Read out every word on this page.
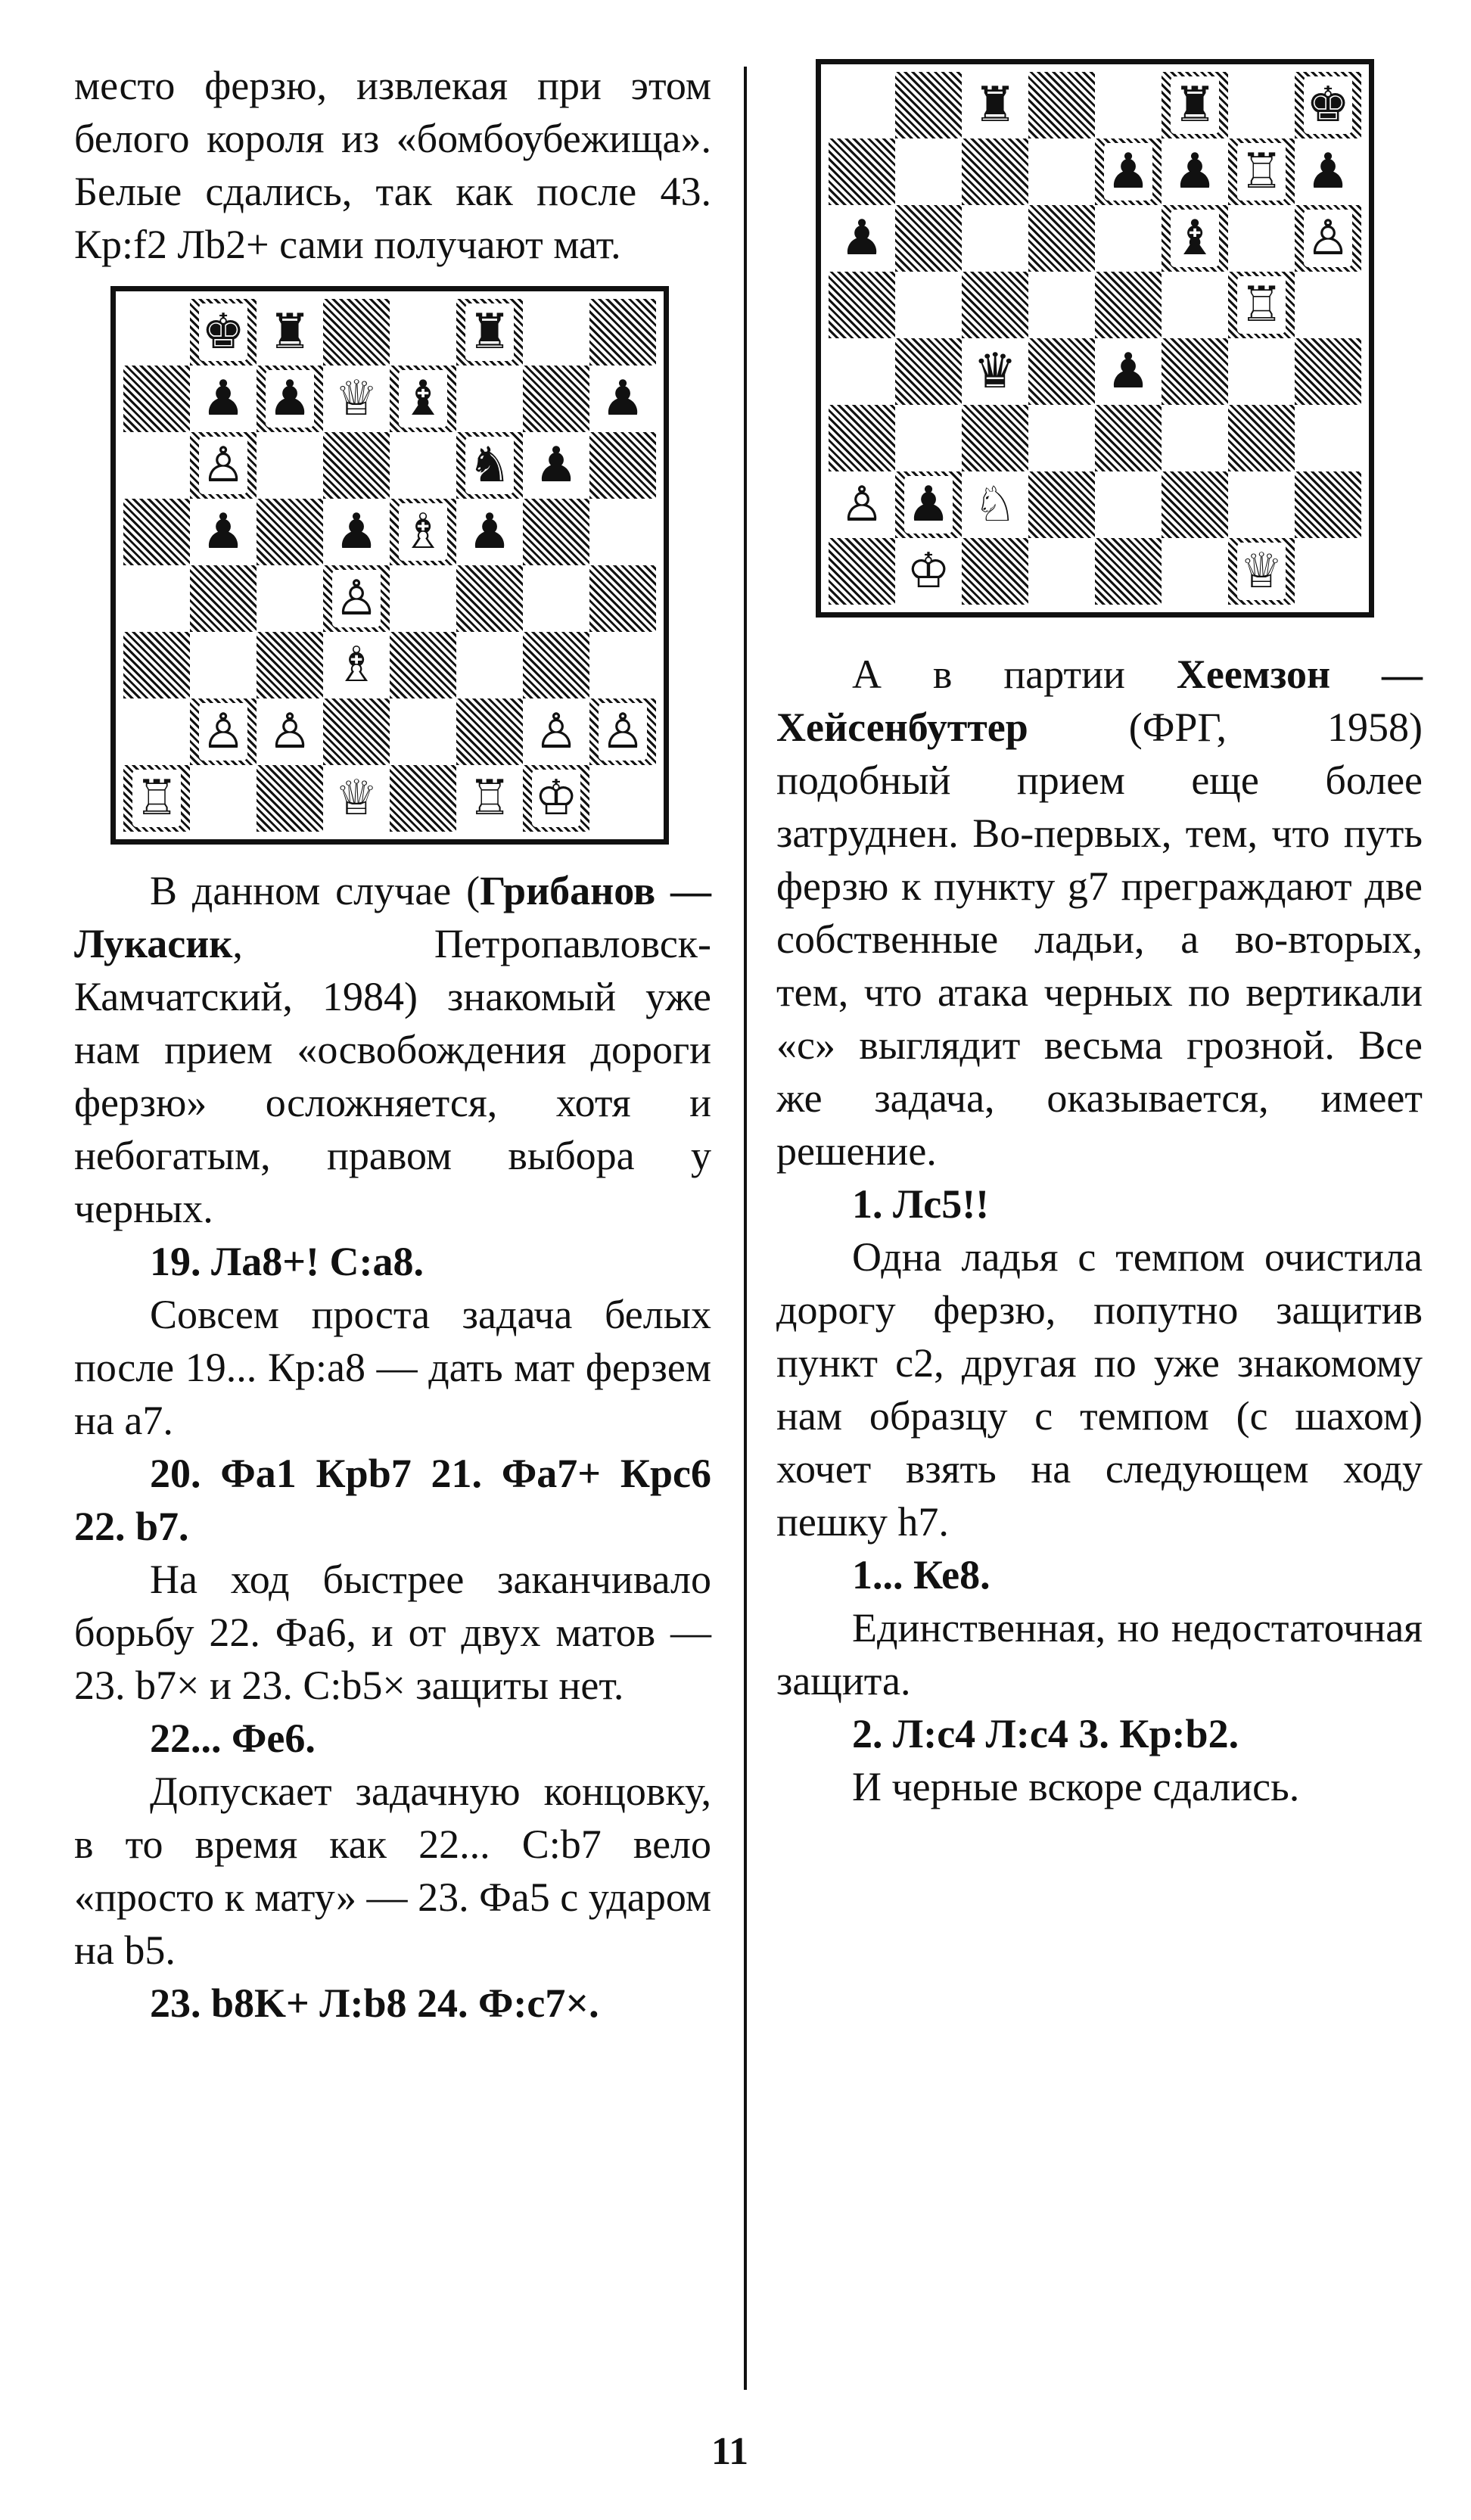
место ферзю, извлекая при этом белого короля из «бомбоубежища». Белые сдались, так как после 43. Кр:f2 Лb2+ сами получают мат.

♚ ♜	♜
♟ ♟ ♕ ♝	♟
♙	♞ ♟
♟ ♟ ♗ ♟
♙
♗
♙ ♙	♙ ♙
♖	♕ ♖ ♔

В данном случае (Грибанов — Лукасик, Петропавловск-Камчатский, 1984) знакомый уже нам прием «освобождения дороги ферзю» осложняется, хотя и небогатым, правом выбора у черных.

19. Ла8+! С:а8.

Совсем проста задача белых после 19... Кр:а8 — дать мат ферзем на а7.

20. Фа1 Кpb7 21. Фа7+ Крс6 22. b7.

На ход быстрее заканчивало борьбу 22. Фа6, и от двух матов — 23. b7× и 23. С:b5× защиты нет.

22... Фе6.

Допускает задачную концовку, в то время как 22... С:b7 вело «просто к мату» — 23. Фа5 с ударом на b5.

23. b8K+ Л:b8 24. Ф:с7×.

♜	♜ ♚
♟ ♟ ♖ ♟
♟	♝ ♙
♖
♛ ♟
♙ ♟ ♘
♔	♕

А в партии Хеемзон — Хейсенбуттер (ФРГ, 1958) подобный прием еще более затруднен. Во-первых, тем, что путь ферзю к пункту g7 преграждают две собственные ладьи, а во-вторых, тем, что атака черных по вертикали «с» выглядит весьма грозной. Все же задача, оказывается, имеет решение.

1. Лс5!!

Одна ладья с темпом очистила дорогу ферзю, попутно защитив пункт с2, другая по уже знакомому нам образцу с темпом (с шахом) хочет взять на следующем ходу пешку h7.

1... Ке8.

Единственная, но недостаточная защита.

2. Л:с4 Л:с4 3. Кр:b2.

И черные вскоре сдались.

11
